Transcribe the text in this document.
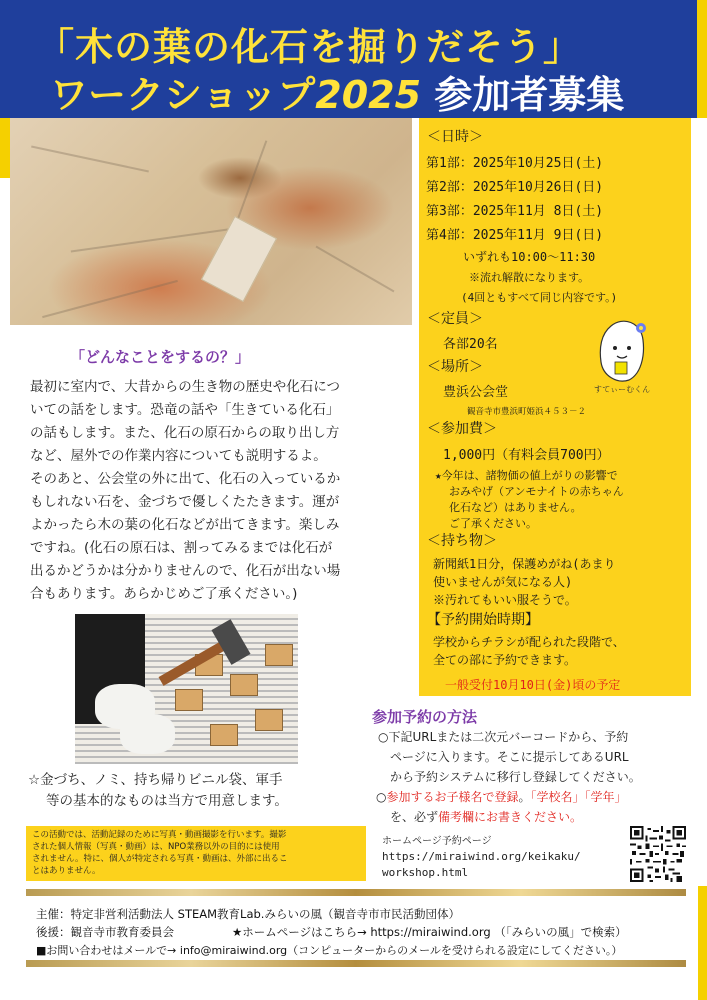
「木の葉の化石を掘りだそう」
ワークショップ2025 参加者募集
＜日時＞
第1部：2025年10月25日(土)
第2部：2025年10月26日(日)
第3部：2025年11月 8日(土)
第4部：2025年11月 9日(日)
いずれも10:00～11:30
※流れ解散になります。
(4回ともすべて同じ内容です。)
＜定員＞
各部20名
＜場所＞
豊浜公会堂
観音寺市豊浜町姫浜４５３－２
＜参加費＞
1,000円（有料会員700円）
★今年は、諸物価の値上がりの影響で
おみやげ（アンモナイトの赤ちゃん
化石など）はありません。
ご了承ください。
＜持ち物＞
新聞紙1日分，保護めがね(あまり
使いませんが気になる人)
※汚れてもいい服そうで。
【予約開始時期】
学校からチラシが配られた段階で、
全ての部に予約できます。
一般受付10月10日(金)頃の予定
すてぃーむくん
「どんなことをするの？」
最初に室内で、大昔からの生き物の歴史や化石につ
いての話をします。恐竜の話や「生きている化石」
の話もします。また、化石の原石からの取り出し方
など、屋外での作業内容についても説明するよ。
そのあと、公会堂の外に出て、化石の入っているか
もしれない石を、金づちで優しくたたきます。運が
よかったら木の葉の化石などが出てきます。楽しみ
ですね。(化石の原石は、割ってみるまでは化石が
出るかどうかは分かりませんので、化石が出ない場
合もあります。あらかじめご了承ください。)
☆金づち、ノミ、持ち帰りビニル袋、軍手
等の基本的なものは当方で用意します。
この活動では、活動記録のために写真・動画撮影を行います。撮影
された個人情報（写真・動画）は、NPO業務以外の目的には使用
されません。特に、個人が特定される写真・動画は、外部に出るこ
とはありません。
参加予約の方法
○下記URLまたは二次元バーコードから、予約
ページに入ります。そこに提示してあるURL
から予約システムに移行し登録してください。
○参加するお子様名で登録。「学校名」「学年」
を、必ず備考欄にお書きください。
ホームページ予約ページ
https://miraiwind.org/keikaku/
workshop.html
主催：特定非営利活動法人 STEAM教育Lab.みらいの風（観音寺市市民活動団体）
後援：観音寺市教育委員会	★ホームページはこちら→ https://miraiwind.org （「みらいの風」で検索）
■お問い合わせはメールで→ info@miraiwind.org（コンピューターからのメールを受けられる設定にしてください。）
